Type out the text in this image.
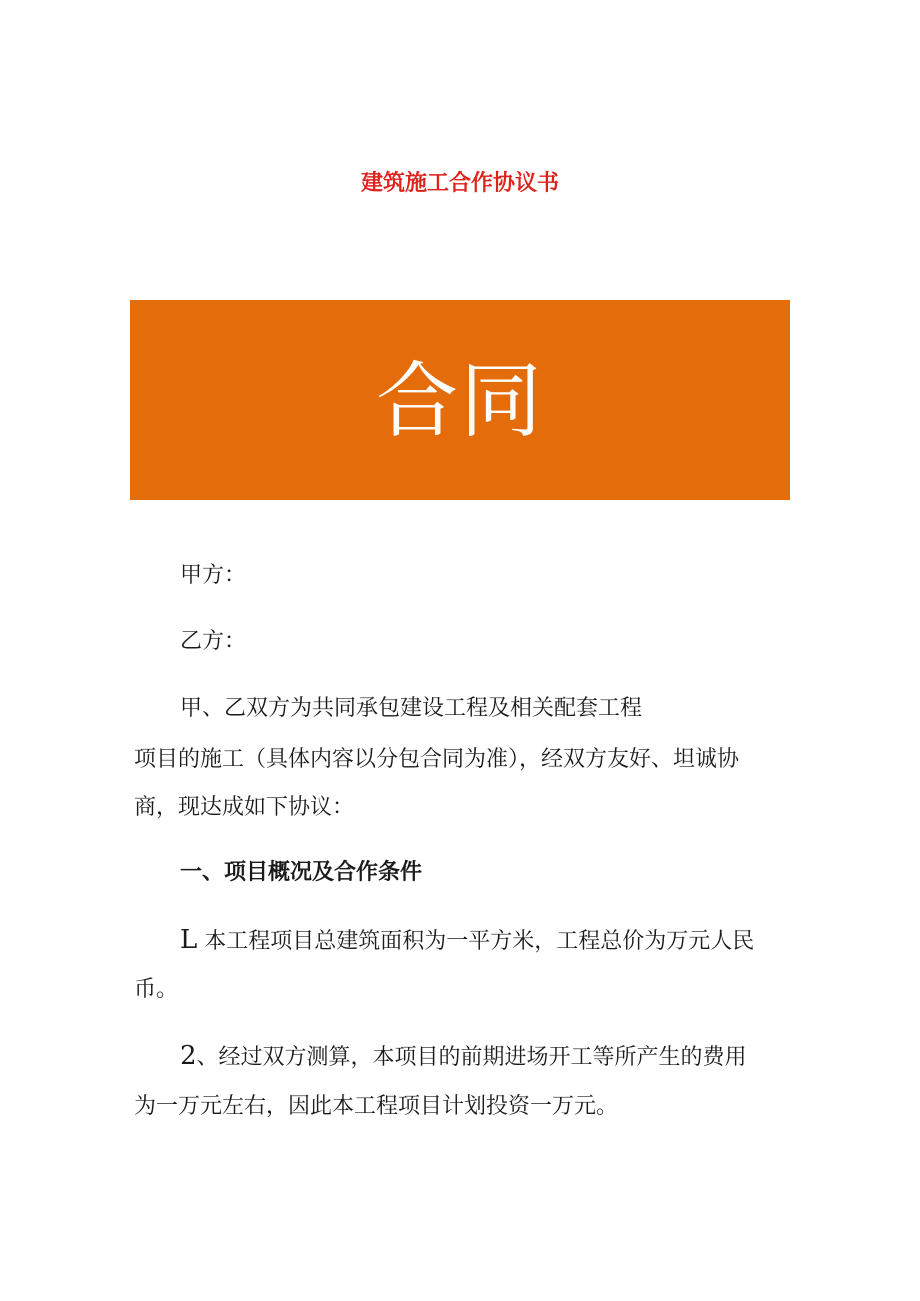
建筑施工合作协议书
合同
甲方：
乙方：
甲、乙双方为共同承包建设工程及相关配套工程
项目的施工（具体内容以分包合同为准），经双方友好、坦诚协
商，现达成如下协议：
一、项目概况及合作条件
L 本工程项目总建筑面积为一平方米，工程总价为万元人民
币。
2、经过双方测算，本项目的前期进场开工等所产生的费用
为一万元左右，因此本工程项目计划投资一万元。
